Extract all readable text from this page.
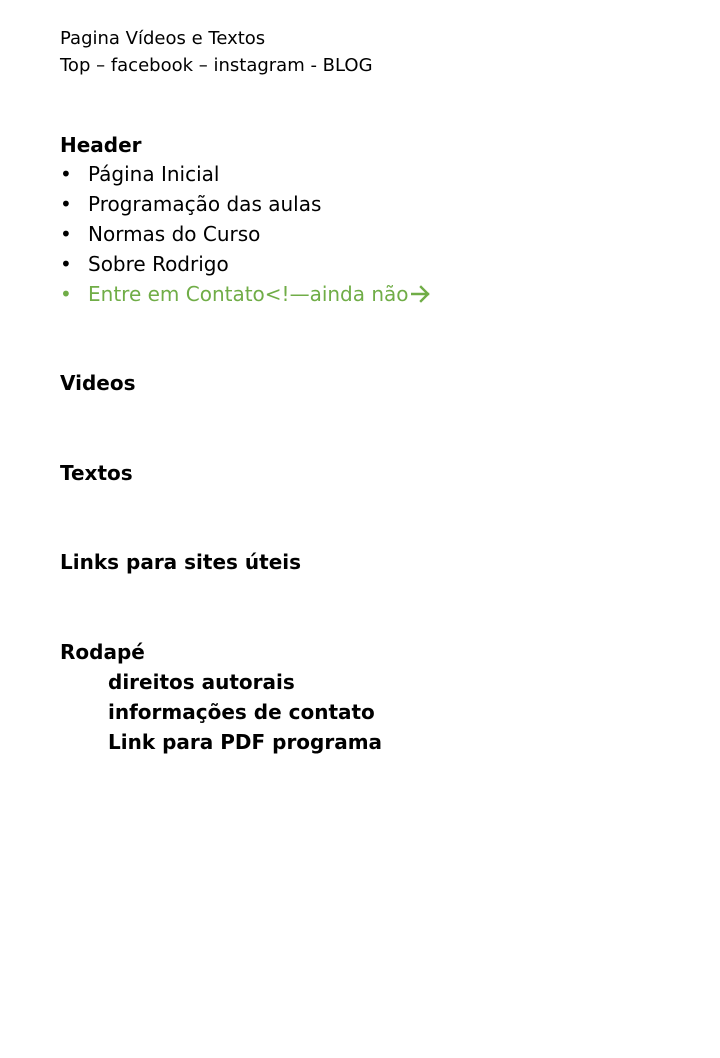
Pagina Vídeos e Textos
Top – facebook – instagram - BLOG
Header
• Página Inicial
• Programação das aulas
• Normas do Curso
• Sobre Rodrigo
• Entre em Contato<!—ainda não
Videos
Textos
Links para sites úteis
Rodapé
direitos autorais
informações de contato
Link para PDF programa
